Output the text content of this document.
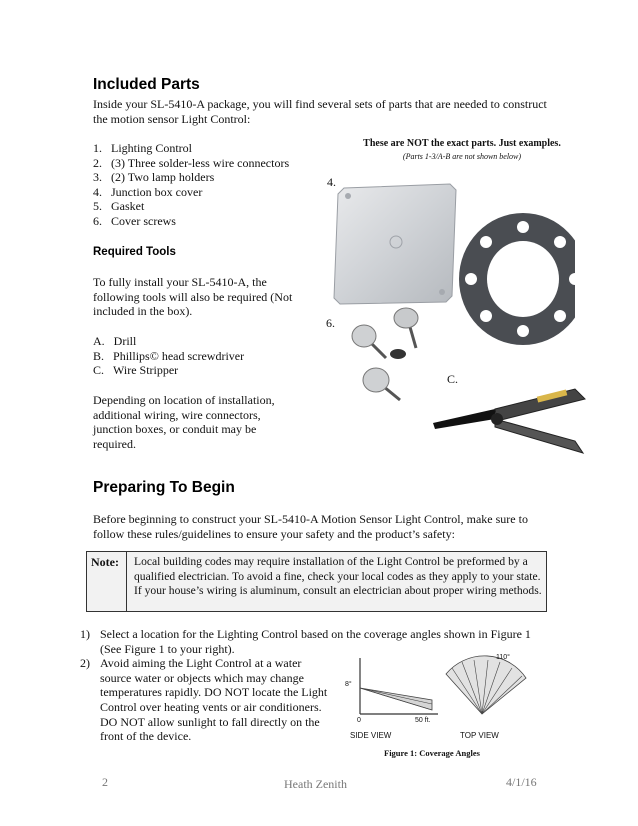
Included Parts
Inside your SL-5410-A package, you will find several sets of parts that are needed to construct the motion sensor Light Control:
1. Lighting Control
2. (3) Three solder-less wire connectors
3. (2) Two lamp holders
4. Junction box cover
5. Gasket
6. Cover screws
Required Tools
To fully install your SL-5410-A, the following tools will also be required (Not included in the box).
A. Drill
B. Phillips© head screwdriver
C. Wire Stripper
Depending on location of installation, additional wiring, wire connectors, junction boxes, or conduit may be required.
These are NOT the exact parts. Just examples.
(Parts 1-3/A-B are not shown below)
4.
6.
C.
Preparing To Begin
Before beginning to construct your SL-5410-A Motion Sensor Light Control, make sure to follow these rules/guidelines to ensure your safety and the product’s safety:
Note:	Local building codes may require installation of the Light Control be preformed by a qualified electrician. To avoid a fine, check your local codes as they apply to your state. If your house’s wiring is aluminum, consult an electrician about proper wiring methods.
1) Select a location for the Lighting Control based on the coverage angles shown in Figure 1 (See Figure 1 to your right).
2) Avoid aiming the Light Control at a water source water or objects which may change temperatures rapidly. DO NOT locate the Light Control over heating vents or air conditioners. DO NOT allow sunlight to fall directly on the front of the device.
8°
110°
0	50 ft.
SIDE VIEW	TOP VIEW
Figure 1: Coverage Angles
2	Heath Zenith	4/1/16
